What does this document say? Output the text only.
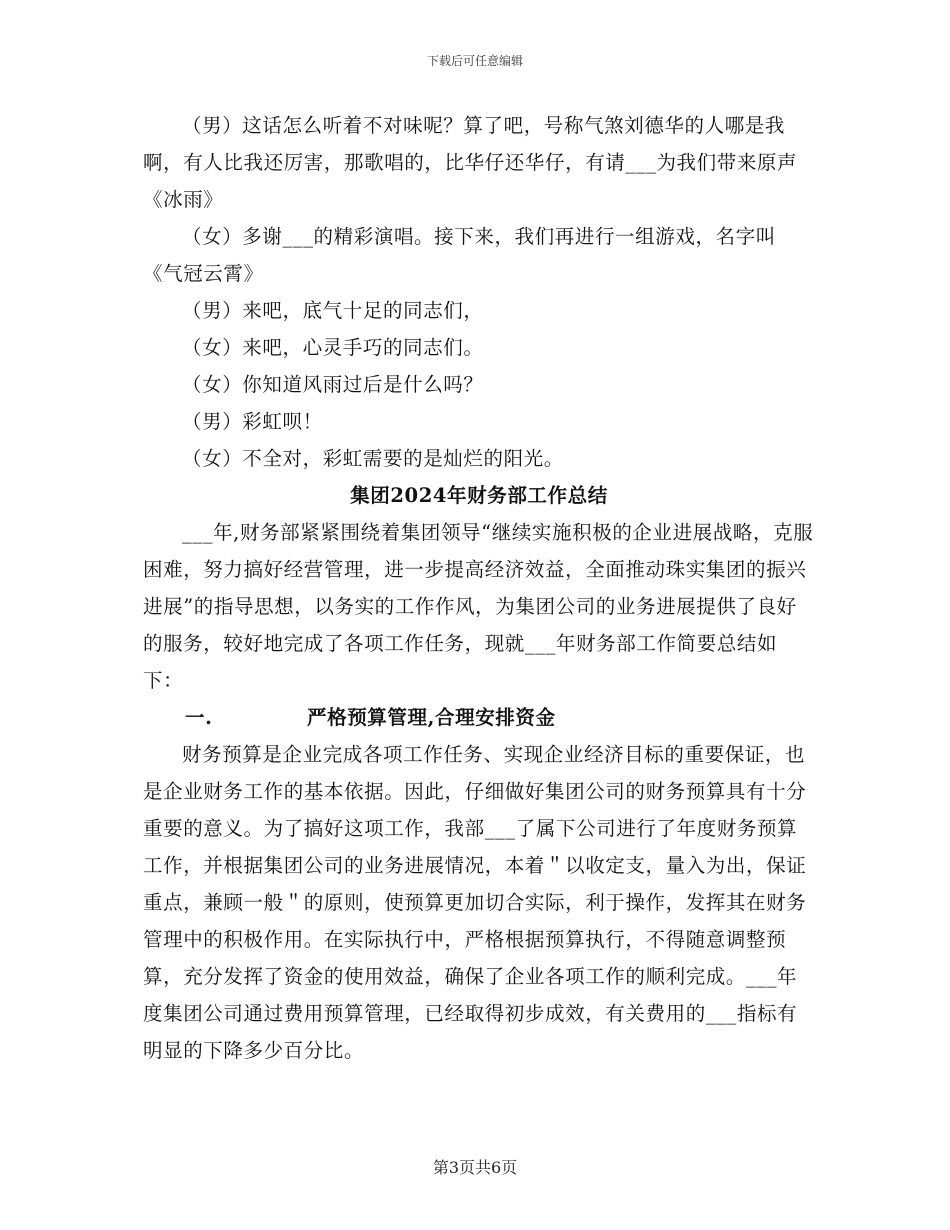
下载后可任意编辑

（男）这话怎么听着不对味呢？算了吧，号称气煞刘德华的人哪是我啊，有人比我还厉害，那歌唱的，比华仔还华仔，有请___为我们带来原声《冰雨》

（女）多谢___的精彩演唱。接下来，我们再进行一组游戏，名字叫《气冠云霄》

（男）来吧，底气十足的同志们，

（女）来吧，心灵手巧的同志们。

（女）你知道风雨过后是什么吗？

（男）彩虹呗！

（女）不全对，彩虹需要的是灿烂的阳光。

集团2024年财务部工作总结

___年,财务部紧紧围绕着集团领导“继续实施积极的企业进展战略，克服困难，努力搞好经营管理，进一步提高经济效益，全面推动珠实集团的振兴进展”的指导思想，以务实的工作作风，为集团公司的业务进展提供了良好的服务，较好地完成了各项工作任务，现就___年财务部工作简要总结如下：

一.	严格预算管理,合理安排资金

财务预算是企业完成各项工作任务、实现企业经济目标的重要保证，也是企业财务工作的基本依据。因此，仔细做好集团公司的财务预算具有十分重要的意义。为了搞好这项工作，我部___了属下公司进行了年度财务预算工作，并根据集团公司的业务进展情况，本着＂以收定支，量入为出，保证重点，兼顾一般＂的原则，使预算更加切合实际，利于操作，发挥其在财务管理中的积极作用。在实际执行中，严格根据预算执行，不得随意调整预算，充分发挥了资金的使用效益，确保了企业各项工作的顺利完成。___年度集团公司通过费用预算管理，已经取得初步成效，有关费用的___指标有明显的下降多少百分比。

第3页共6页
